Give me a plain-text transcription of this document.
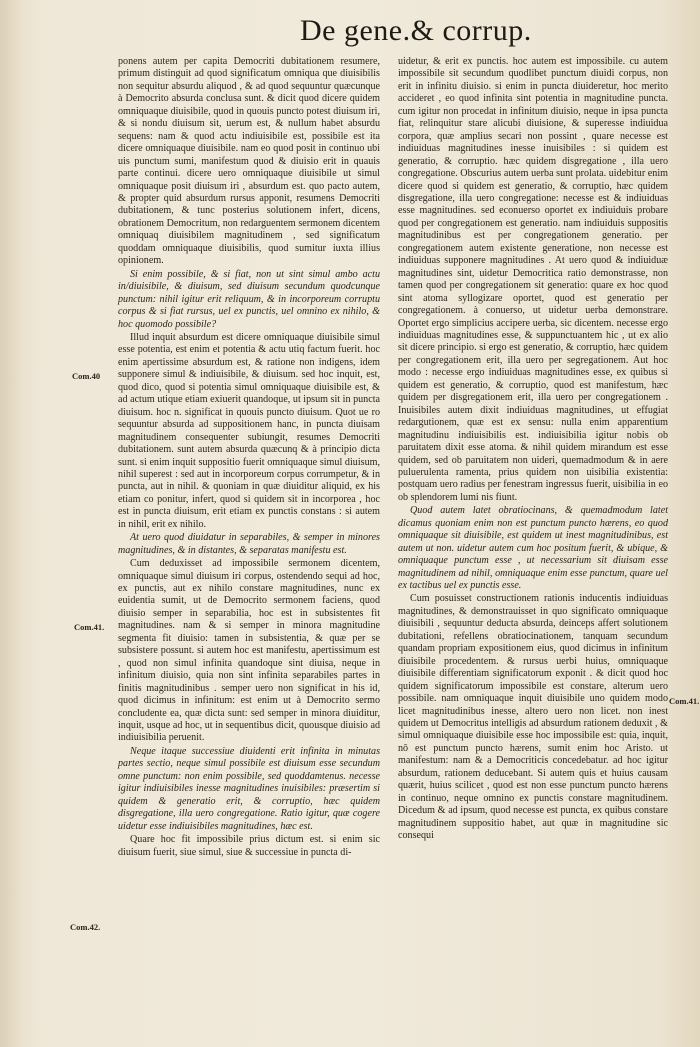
De gene.& corrup.
Com.40
Com.41.
Com.42.
Com.41.

ponens autem per capita Democriti dubitationem resumere, primum distinguit ad quod significatum omniqua que diuisibilis non sequitur absurdu aliquod , & ad quod sequuntur quæcunque à Democrito absurda conclusa sunt. & dicit quod dicere quidem omniquaque diuisibile, quod in quouis puncto potest diuisum iri, & si nondu diuisum sit, uerum est, & nullum habet absurdu sequens: nam & quod actu indiuisibile est, possibile est ita dicere omniquaque diuisibile. nam eo quod posit in continuo ubi uis punctum sumi, manifestum quod & diuisio erit in quauis parte continui. dicere uero omniquaque diuisibile ut simul omniquaque posit diuisum iri , absurdum est. quo pacto autem, & propter quid absurdum rursus apponit, resumens Democriti dubitationem, & tunc posterius solutionem infert, dicens, obrationem Democritum, non redarguentem sermonem dicentem omniquaq diuisibilem magnitudinem , sed significatum quoddam omniquaque diuisibilis, quod sumitur iuxta illius opinionem.

Si enim possibile, & si fiat, non ut sint simul ambo actu in/diuisibile, & diuisum, sed diuisum secundum quodcunque punctum: nihil igitur erit reliquum, & in incorporeum corruptu corpus & si fiat rursus, uel ex punctis, uel omnino ex nihilo, & hoc quomodo possibile?

Illud inquit absurdum est dicere omniquaque diuisibile simul esse potentia, est enim et potentia & actu utiq factum fuerit. hoc enim apertissime absurdum est, & ratione non indigens, idem supponere simul & indiuisibile, & diuisum. sed hoc inquit, est, quod dico, quod si potentia simul omniquaque diuisibile est, & ad actum utique etiam exiuerit quandoque, ut ipsum sit in puncta diuisum. hoc n. significat in quouis puncto diuisum. Quot ue ro sequuntur absurda ad suppositionem hanc, in puncta diuisam magnitudinem consequenter subiungit, resumes Democriti dubitationem. sunt autem absurda quæcunq & à principio dicta sunt. si enim inquit suppositio fuerit omniquaque simul diuisum, nihil superest : sed aut in incorporeum corpus corrumpetur, & in puncta, aut in nihil. & quoniam in quæ diuiditur aliquid, ex his etiam co ponitur, infert, quod si quidem sit in incorporea , hoc est in puncta diuisum, erit etiam ex punctis constans : si autem in nihil, erit ex nihilo.

At uero quod diuidatur in separabiles, & semper in minores magnitudines, & in distantes, & separatas manifestu est.

Cum deduxisset ad impossibile sermonem dicentem, omniquaque simul diuisum iri corpus, ostendendo sequi ad hoc, ex punctis, aut ex nihilo constare magnitudines, nunc ex euidentia sumit, ut de Democrito sermonem faciens, quod diuisio semper in separabilia, hoc est in subsistentes fit magnitudines. nam & si semper in minora magnitudine segmenta fit diuisio: tamen in subsistentia, & quæ per se subsistere possunt. si autem hoc est manifestu, apertissimum est , quod non simul infinita quandoque sint diuisa, neque in infinitum diuisio, quia non sint infinita separabiles partes in finitis magnitudinibus . semper uero non significat in his id, quod dicimus in infinitum: est enim ut à Democrito sermo concludente ea, quæ dicta sunt: sed semper in minora diuiditur, inquit, usque ad hoc, ut in sequentibus dicit, quousque diuisio ad indiuisibilia peruenit.

Neque itaque successiue diuidenti erit infinita in minutas partes sectio, neque simul possibile est diuisum esse secundum omne punctum: non enim possibile, sed quoddamtenus. necesse igitur indiuisibiles inesse magnitudines inuisibiles: præsertim si quidem & generatio erit, & corruptio, hæc quidem disgregatione, illa uero congregatione. Ratio igitur, quæ cogere uidetur esse indiuisibiles magnitudines, hæc est.

Quare hoc fit impossibile prius dictum est. si enim sic diuisum fuerit, siue simul, siue & successiue in puncta di-

uidetur, & erit ex punctis. hoc autem est impossibile. cu autem impossibile sit secundum quodlibet punctum diuidi corpus, non erit in infinitu diuisio. si enim in puncta diuideretur, hoc merito accideret , eo quod infinita sint potentia in magnitudine puncta. cum igitur non procedat in infinitum diuisio, neque in ipsa puncta fiat, relinquitur stare alicubi diuisione, & superesse indiuidua corpora, quæ amplius secari non possint , quare necesse est indiuiduas magnitudines inesse inuisibiles : si quidem est generatio, & corruptio. hæc quidem disgregatione , illa uero congregatione. Obscurius autem uerba sunt prolata. uidebitur enim dicere quod si quidem est generatio, & corruptio, hæc quidem disgregatione, illa uero congregatione: necesse est & indiuiduas esse magnitudines. sed econuerso oportet ex indiuiduis probare quod per congregationem est generatio. nam indiuiduis suppositis magnitudinibus est per congregationem generatio. per congregationem autem existente generatione, non necesse est indiuiduas supponere magnitudines . At uero quod & indiuiduæ magnitudines sint, uidetur Democritica ratio demonstrasse, non tamen quod per congregationem sit generatio: quare ex hoc quod sint atoma syllogizare oportet, quod est generatio per congregationem. à conuerso, ut uidetur uerba demonstrare. Oportet ergo simplicius accipere uerba, sic dicentem. necesse ergo indiuiduas magnitudines esse, & suppunctuantem hic , ut ex alio sit dicere principio. si ergo est generatio, & corruptio, hæc quidem per congregationem erit, illa uero per segregationem. Aut hoc modo : necesse ergo indiuiduas magnitudines esse, ex quibus si quidem est generatio, & corruptio, quod est manifestum, hæc quidem per disgregationem erit, illa uero per congregationem . Inuisibiles autem dixit indiuiduas magnitudines, ut effugiat redargutionem, quæ est ex sensu: nulla enim apparentium magnitudinu indiuisibilis est. indiuisibilia igitur nobis ob paruitatem dixit esse atoma. & nihil quidem mirandum est esse quidem, sed ob paruitatem non uideri, quemadmodum & in aere puluerulenta ramenta, prius quidem non uisibilia existentia: postquam uero radius per fenestram ingressus fuerit, uisibilia in eo ob splendorem lumi nis fiunt.

Quod autem latet obratiocinans, & quemadmodum latet dicamus quoniam enim non est punctum puncto hærens, eo quod omniquaque sit diuisibile, est quidem ut inest magnitudinibus, est autem ut non. uidetur autem cum hoc positum fuerit, & ubique, & omniquaque punctum esse , ut necessarium sit diuisam esse magnitudinem ad nihil, omniquaque enim esse punctum, quare uel ex tactibus uel ex punctis esse.

Cum posuisset constructionem rationis inducentis indiuiduas magnitudines, & demonstrauisset in quo significato omniquaque diuisibili , sequuntur deducta absurda, deinceps affert solutionem dubitationi, refellens obratiocinationem, tanquam secundum quandam propriam expositionem eius, quod dicimus in infinitum diuisibile procedentem. & rursus uerbi huius, omniquaque diuisibile differentiam significatorum exponit . & dicit quod hoc quidem significatorum impossibile est constare, alterum uero possibile. nam omniquaque inquit diuisibile uno quidem modo licet magnitudinibus inesse, altero uero non licet. non inest quidem ut Democritus intelligis ad absurdum rationem deduxit , & simul omniquaque diuisibile esse hoc impossibile est: quia, inquit, nō est punctum puncto hærens, sumit enim hoc Aristo. ut manifestum: nam & a Democriticis concedebatur. ad hoc igitur absurdum, rationem deducebant. Si autem quis et huius causam quærit, huius scilicet , quod est non esse punctum puncto hærens in continuo, neque omnino ex punctis constare magnitudinem. Dicedum & ad ipsum, quod necesse est puncta, ex quibus constare magnitudinem suppositio habet, aut quæ in magnitudine sic consequi
